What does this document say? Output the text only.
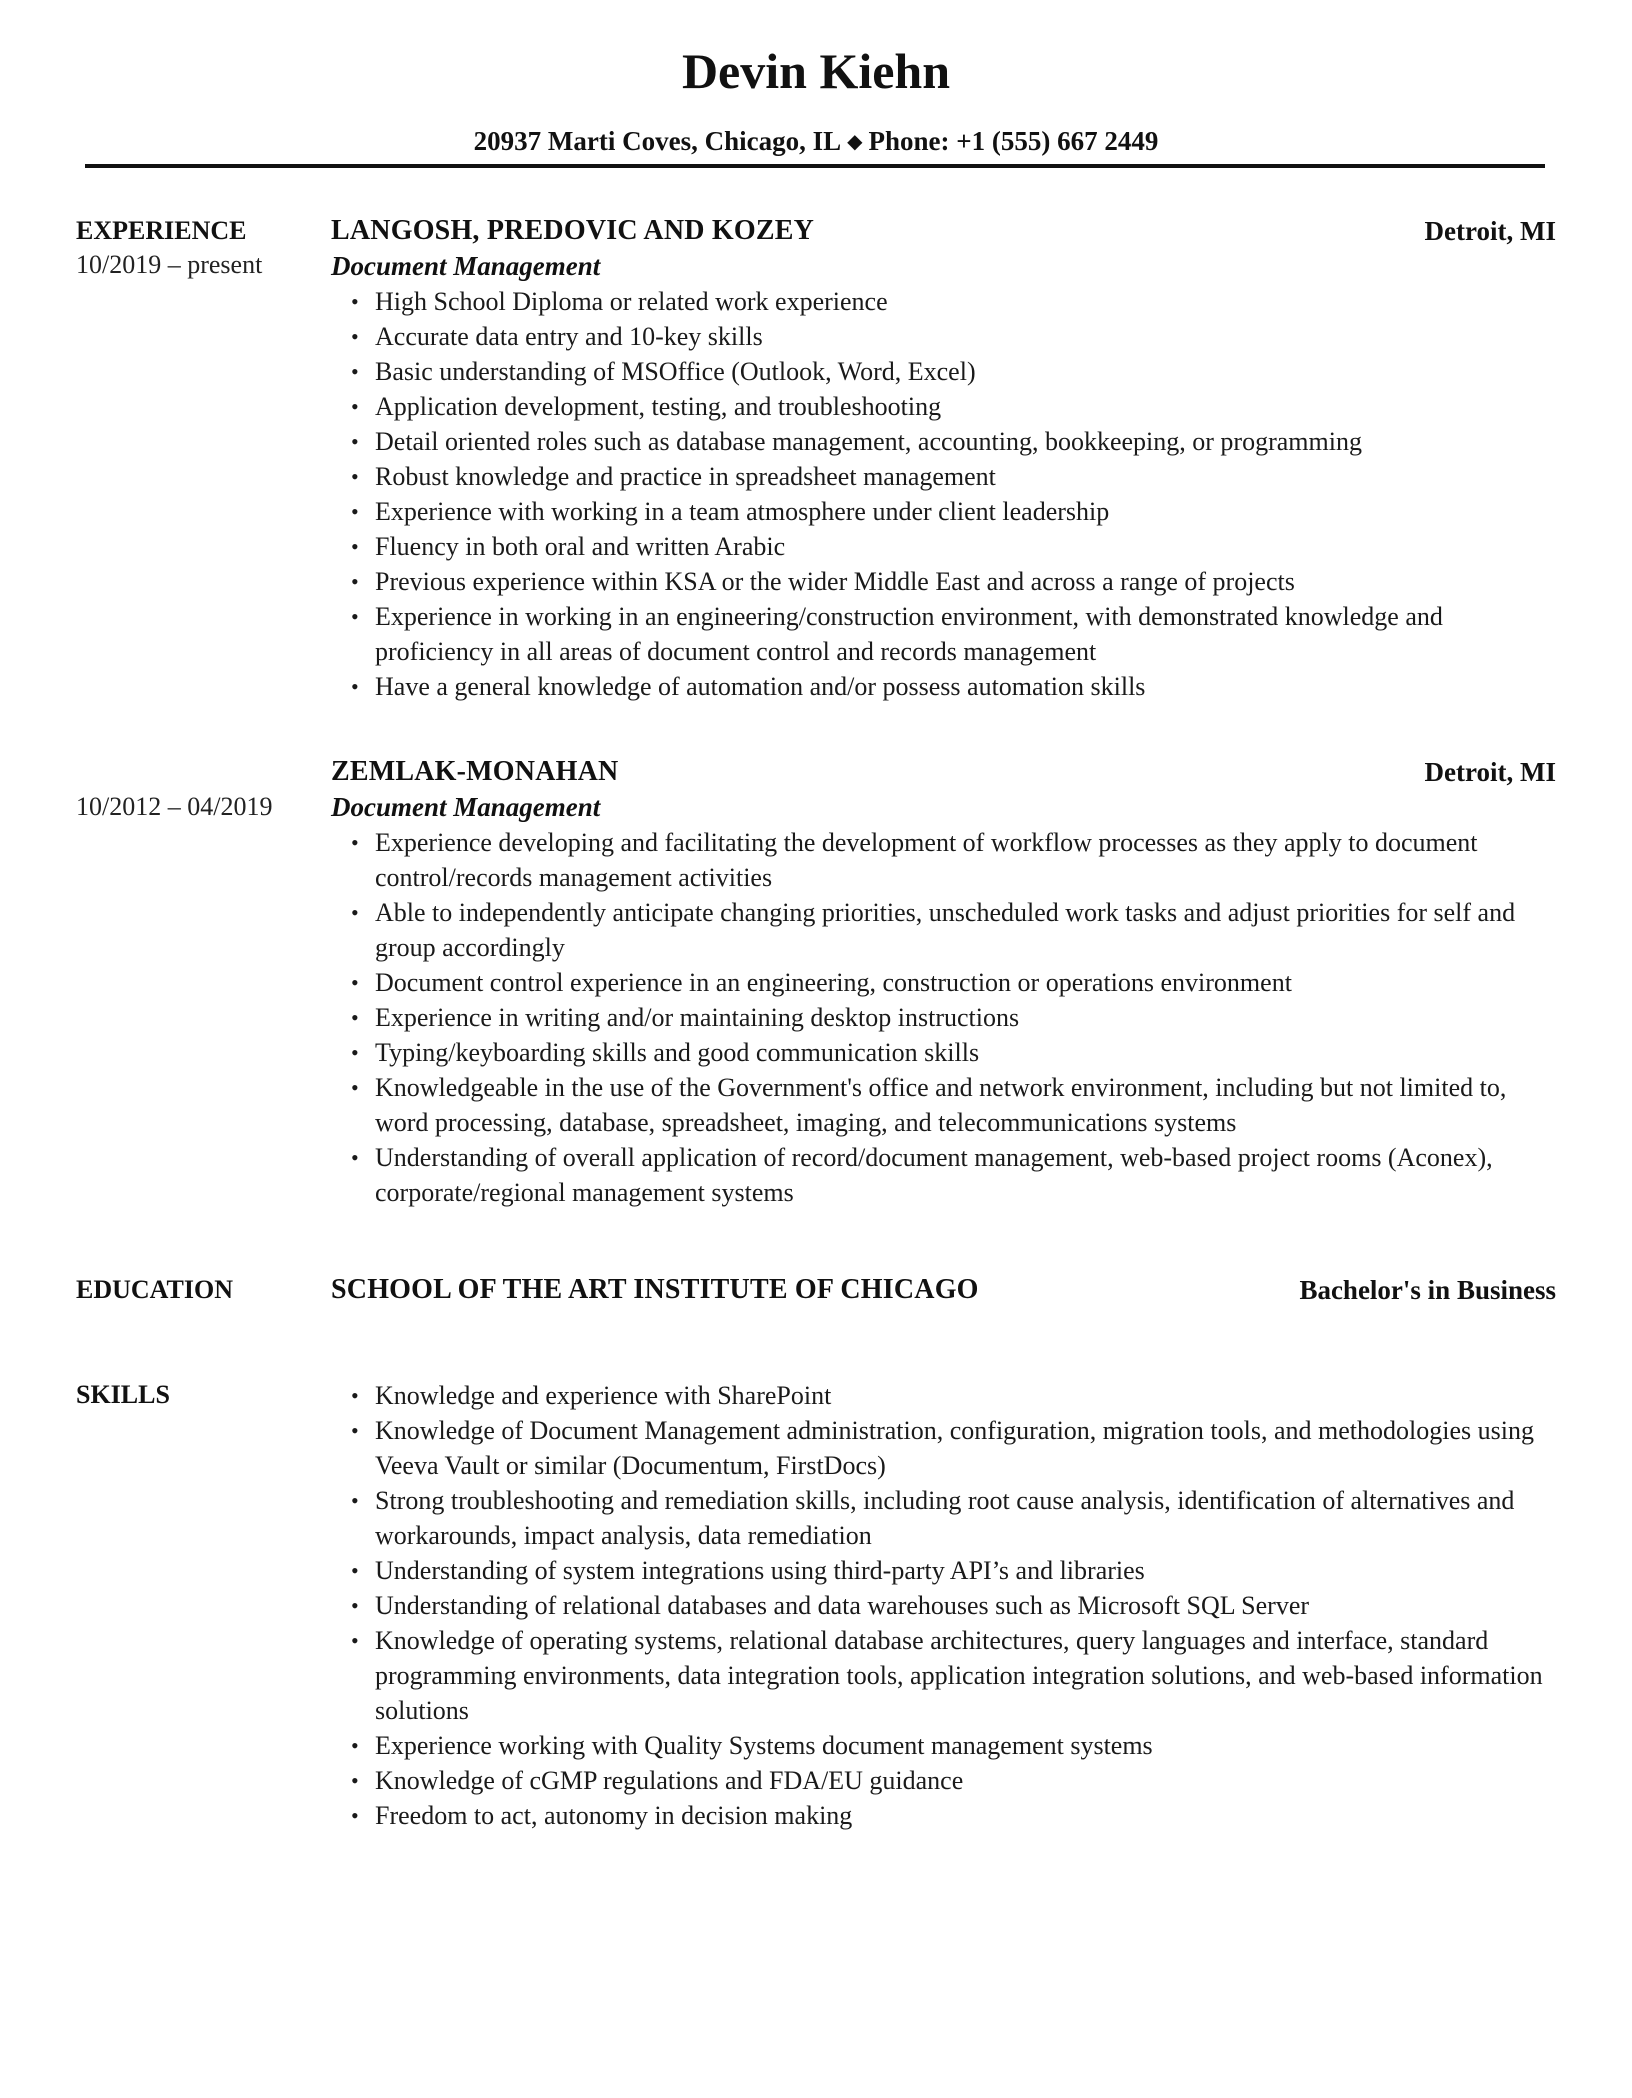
Devin Kiehn
20937 Marti Coves, Chicago, IL ◆ Phone: +1 (555) 667 2449
EXPERIENCE
10/2019 – present
LANGOSH, PREDOVIC AND KOZEY	Detroit, MI
Document Management
• High School Diploma or related work experience
• Accurate data entry and 10-key skills
• Basic understanding of MSOffice (Outlook, Word, Excel)
• Application development, testing, and troubleshooting
• Detail oriented roles such as database management, accounting, bookkeeping, or programming
• Robust knowledge and practice in spreadsheet management
• Experience with working in a team atmosphere under client leadership
• Fluency in both oral and written Arabic
• Previous experience within KSA or the wider Middle East and across a range of projects
• Experience in working in an engineering/construction environment, with demonstrated knowledge and proficiency in all areas of document control and records management
• Have a general knowledge of automation and/or possess automation skills
10/2012 – 04/2019
ZEMLAK-MONAHAN	Detroit, MI
Document Management
• Experience developing and facilitating the development of workflow processes as they apply to document control/records management activities
• Able to independently anticipate changing priorities, unscheduled work tasks and adjust priorities for self and group accordingly
• Document control experience in an engineering, construction or operations environment
• Experience in writing and/or maintaining desktop instructions
• Typing/keyboarding skills and good communication skills
• Knowledgeable in the use of the Government's office and network environment, including but not limited to, word processing, database, spreadsheet, imaging, and telecommunications systems
• Understanding of overall application of record/document management, web-based project rooms (Aconex), corporate/regional management systems
EDUCATION	SCHOOL OF THE ART INSTITUTE OF CHICAGO	Bachelor's in Business
SKILLS	• Knowledge and experience with SharePoint
• Knowledge of Document Management administration, configuration, migration tools, and methodologies using Veeva Vault or similar (Documentum, FirstDocs)
• Strong troubleshooting and remediation skills, including root cause analysis, identification of alternatives and workarounds, impact analysis, data remediation
• Understanding of system integrations using third-party API’s and libraries
• Understanding of relational databases and data warehouses such as Microsoft SQL Server
• Knowledge of operating systems, relational database architectures, query languages and interface, standard programming environments, data integration tools, application integration solutions, and web-based information solutions
• Experience working with Quality Systems document management systems
• Knowledge of cGMP regulations and FDA/EU guidance
• Freedom to act, autonomy in decision making
